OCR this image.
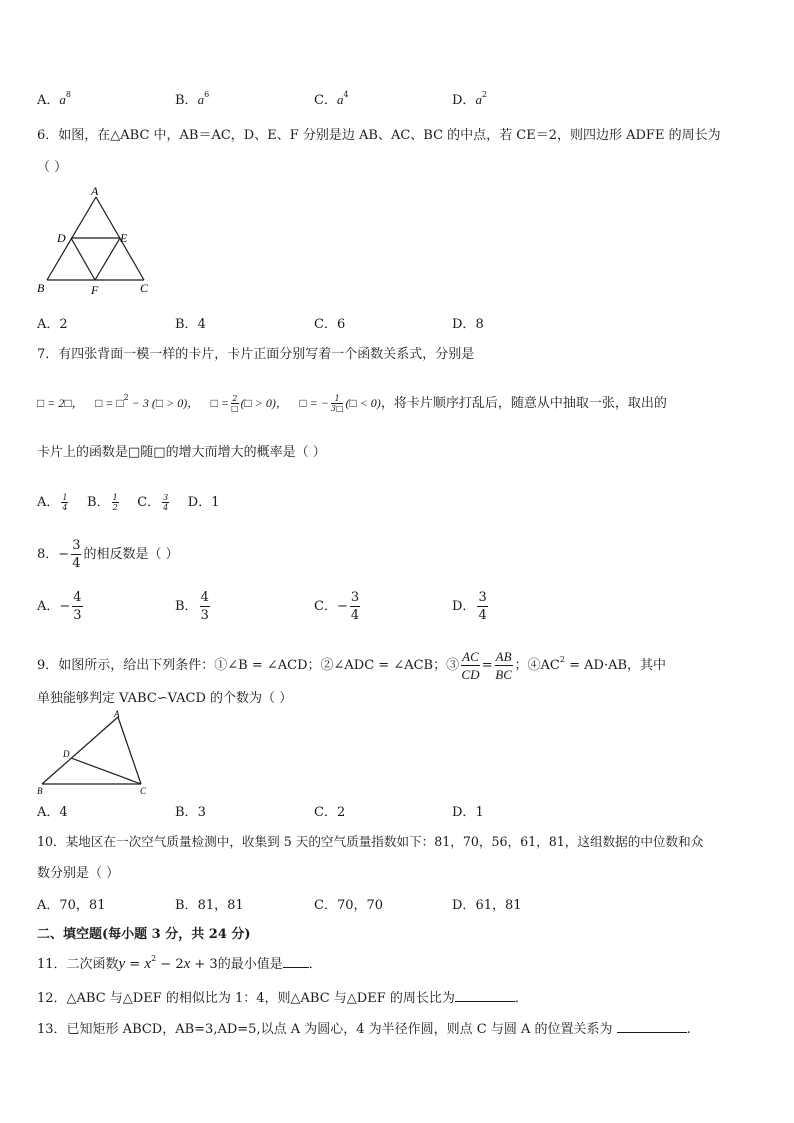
A．$a^8$	B．$a^6$	C．$a^4$	D．$a^2$
6．如图，在△ABC 中，AB＝AC，D、E、F 分别是边 AB、AC、BC 的中点，若 CE＝2，则四边形 ADFE 的周长为
（ ）
A
D	E
B	F	C
A．2	B．4	C．6	D．8
7．有四张背面一模一样的卡片，卡片正面分别写着一个函数关系式，分别是
□ = 2□， □ = □$^2$ − 3 (□ > 0)， □ = $\frac{2}{□}$ (□ > 0)， □ = − $\frac{1}{3□}$ (□ < 0)，将卡片顺序打乱后，随意从中抽取一张，取出的
卡片上的函数是□随□的增大而增大的概率是（ ）
A． $\frac{1}{4}$ B． $\frac{1}{2}$ C． $\frac{3}{4}$ D．1
8．− $\frac{3}{4}$ 的相反数是（ ）
A．− $\frac{4}{3}$	B． $\frac{4}{3}$	C．− $\frac{3}{4}$	D． $\frac{3}{4}$
9．如图所示，给出下列条件：①∠B = ∠ACD；②∠ADC = ∠ACB；③ $\frac{AC}{CD} = \frac{AB}{BC}$ ；$④AC^2 = AD\cdot AB$，其中
单独能够判定 VABC∽VACD 的个数为（ ）
A
D
B	C
A．4	B．3	C．2	D．1
10．某地区在一次空气质量检测中，收集到 5 天的空气质量指数如下：81，70，56，61，81，这组数据的中位数和众
数分别是（ ）
A．70，81	B．81，81	C．70，70	D．61，81
二、填空题(每小题 3 分，共 24 分)
11．二次函数$y = x^2 - 2x + 3$的最小值是 ．
12．△ABC 与△DEF 的相似比为 1：4，则△ABC 与△DEF 的周长比为	．
13．已知矩形 ABCD，AB=3,AD=5,以点 A 为圆心，4 为半径作圆，则点 C 与圆 A 的位置关系为	.
